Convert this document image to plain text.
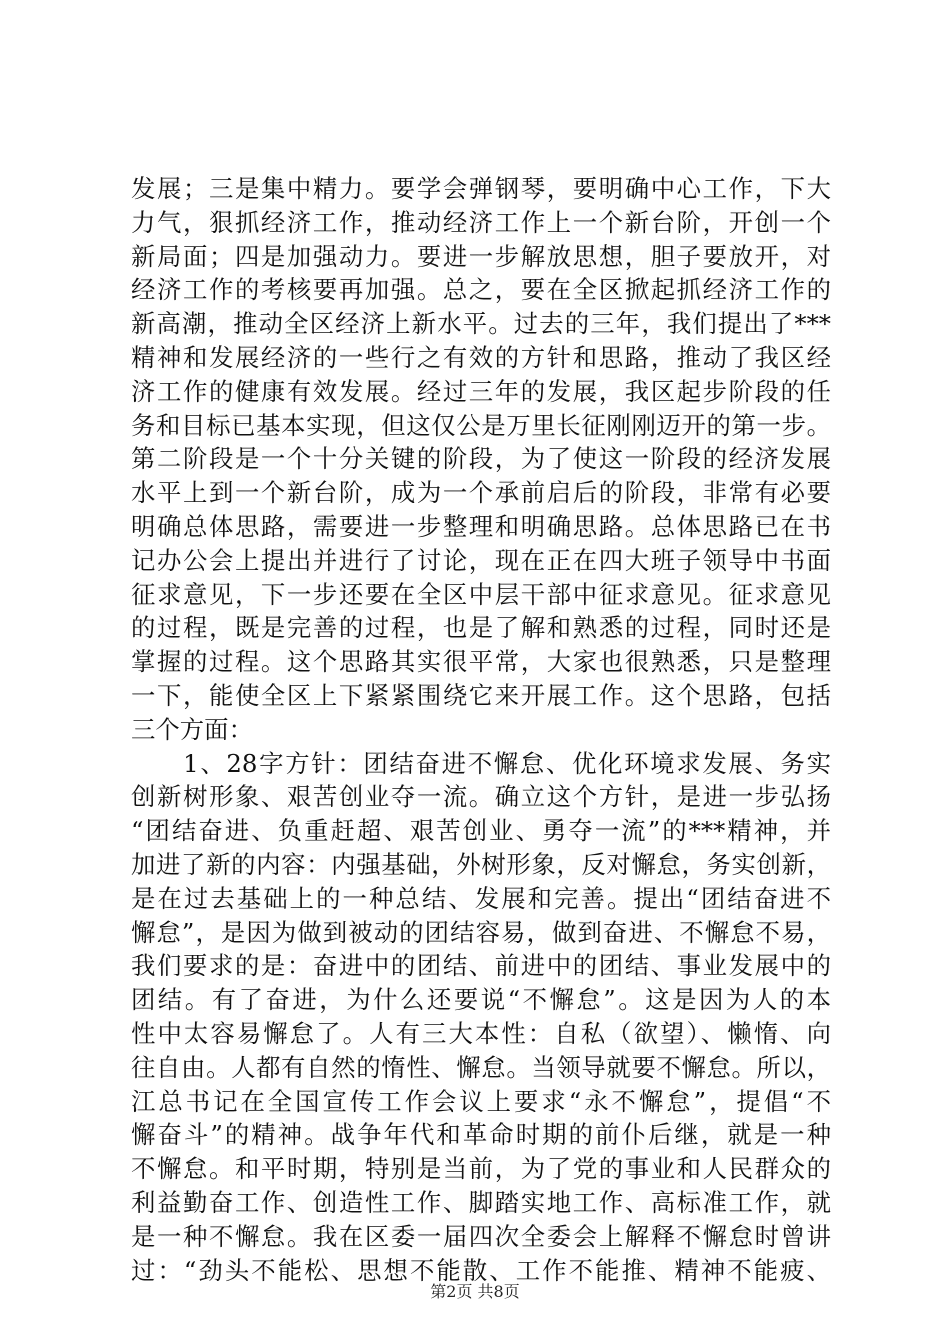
发展；三是集中精力。要学会弹钢琴，要明确中心工作，下大
力气，狠抓经济工作，推动经济工作上一个新台阶，开创一个
新局面；四是加强动力。要进一步解放思想，胆子要放开，对
经济工作的考核要再加强。总之，要在全区掀起抓经济工作的
新高潮，推动全区经济上新水平。过去的三年，我们提出了***
精神和发展经济的一些行之有效的方针和思路，推动了我区经
济工作的健康有效发展。经过三年的发展，我区起步阶段的任
务和目标已基本实现，但这仅公是万里长征刚刚迈开的第一步。
第二阶段是一个十分关键的阶段，为了使这一阶段的经济发展
水平上到一个新台阶，成为一个承前启后的阶段，非常有必要
明确总体思路，需要进一步整理和明确思路。总体思路已在书
记办公会上提出并进行了讨论，现在正在四大班子领导中书面
征求意见，下一步还要在全区中层干部中征求意见。征求意见
的过程，既是完善的过程，也是了解和熟悉的过程，同时还是
掌握的过程。这个思路其实很平常，大家也很熟悉，只是整理
一下，能使全区上下紧紧围绕它来开展工作。这个思路，包括
三个方面：
　　1、28字方针：团结奋进不懈怠、优化环境求发展、务实
创新树形象、艰苦创业夺一流。确立这个方针，是进一步弘扬
“团结奋进、负重赶超、艰苦创业、勇夺一流”的***精神，并
加进了新的内容：内强基础，外树形象，反对懈怠，务实创新，
是在过去基础上的一种总结、发展和完善。提出“团结奋进不
懈怠”，是因为做到被动的团结容易，做到奋进、不懈怠不易，
我们要求的是：奋进中的团结、前进中的团结、事业发展中的
团结。有了奋进，为什么还要说“不懈怠”。这是因为人的本
性中太容易懈怠了。人有三大本性：自私（欲望）、懒惰、向
往自由。人都有自然的惰性、懈怠。当领导就要不懈怠。所以，
江总书记在全国宣传工作会议上要求“永不懈怠”，提倡“不
懈奋斗”的精神。战争年代和革命时期的前仆后继，就是一种
不懈怠。和平时期，特别是当前，为了党的事业和人民群众的
利益勤奋工作、创造性工作、脚踏实地工作、高标准工作，就
是一种不懈怠。我在区委一届四次全委会上解释不懈怠时曾讲
过：“劲头不能松、思想不能散、工作不能推、精神不能疲、
第2页 共8页
